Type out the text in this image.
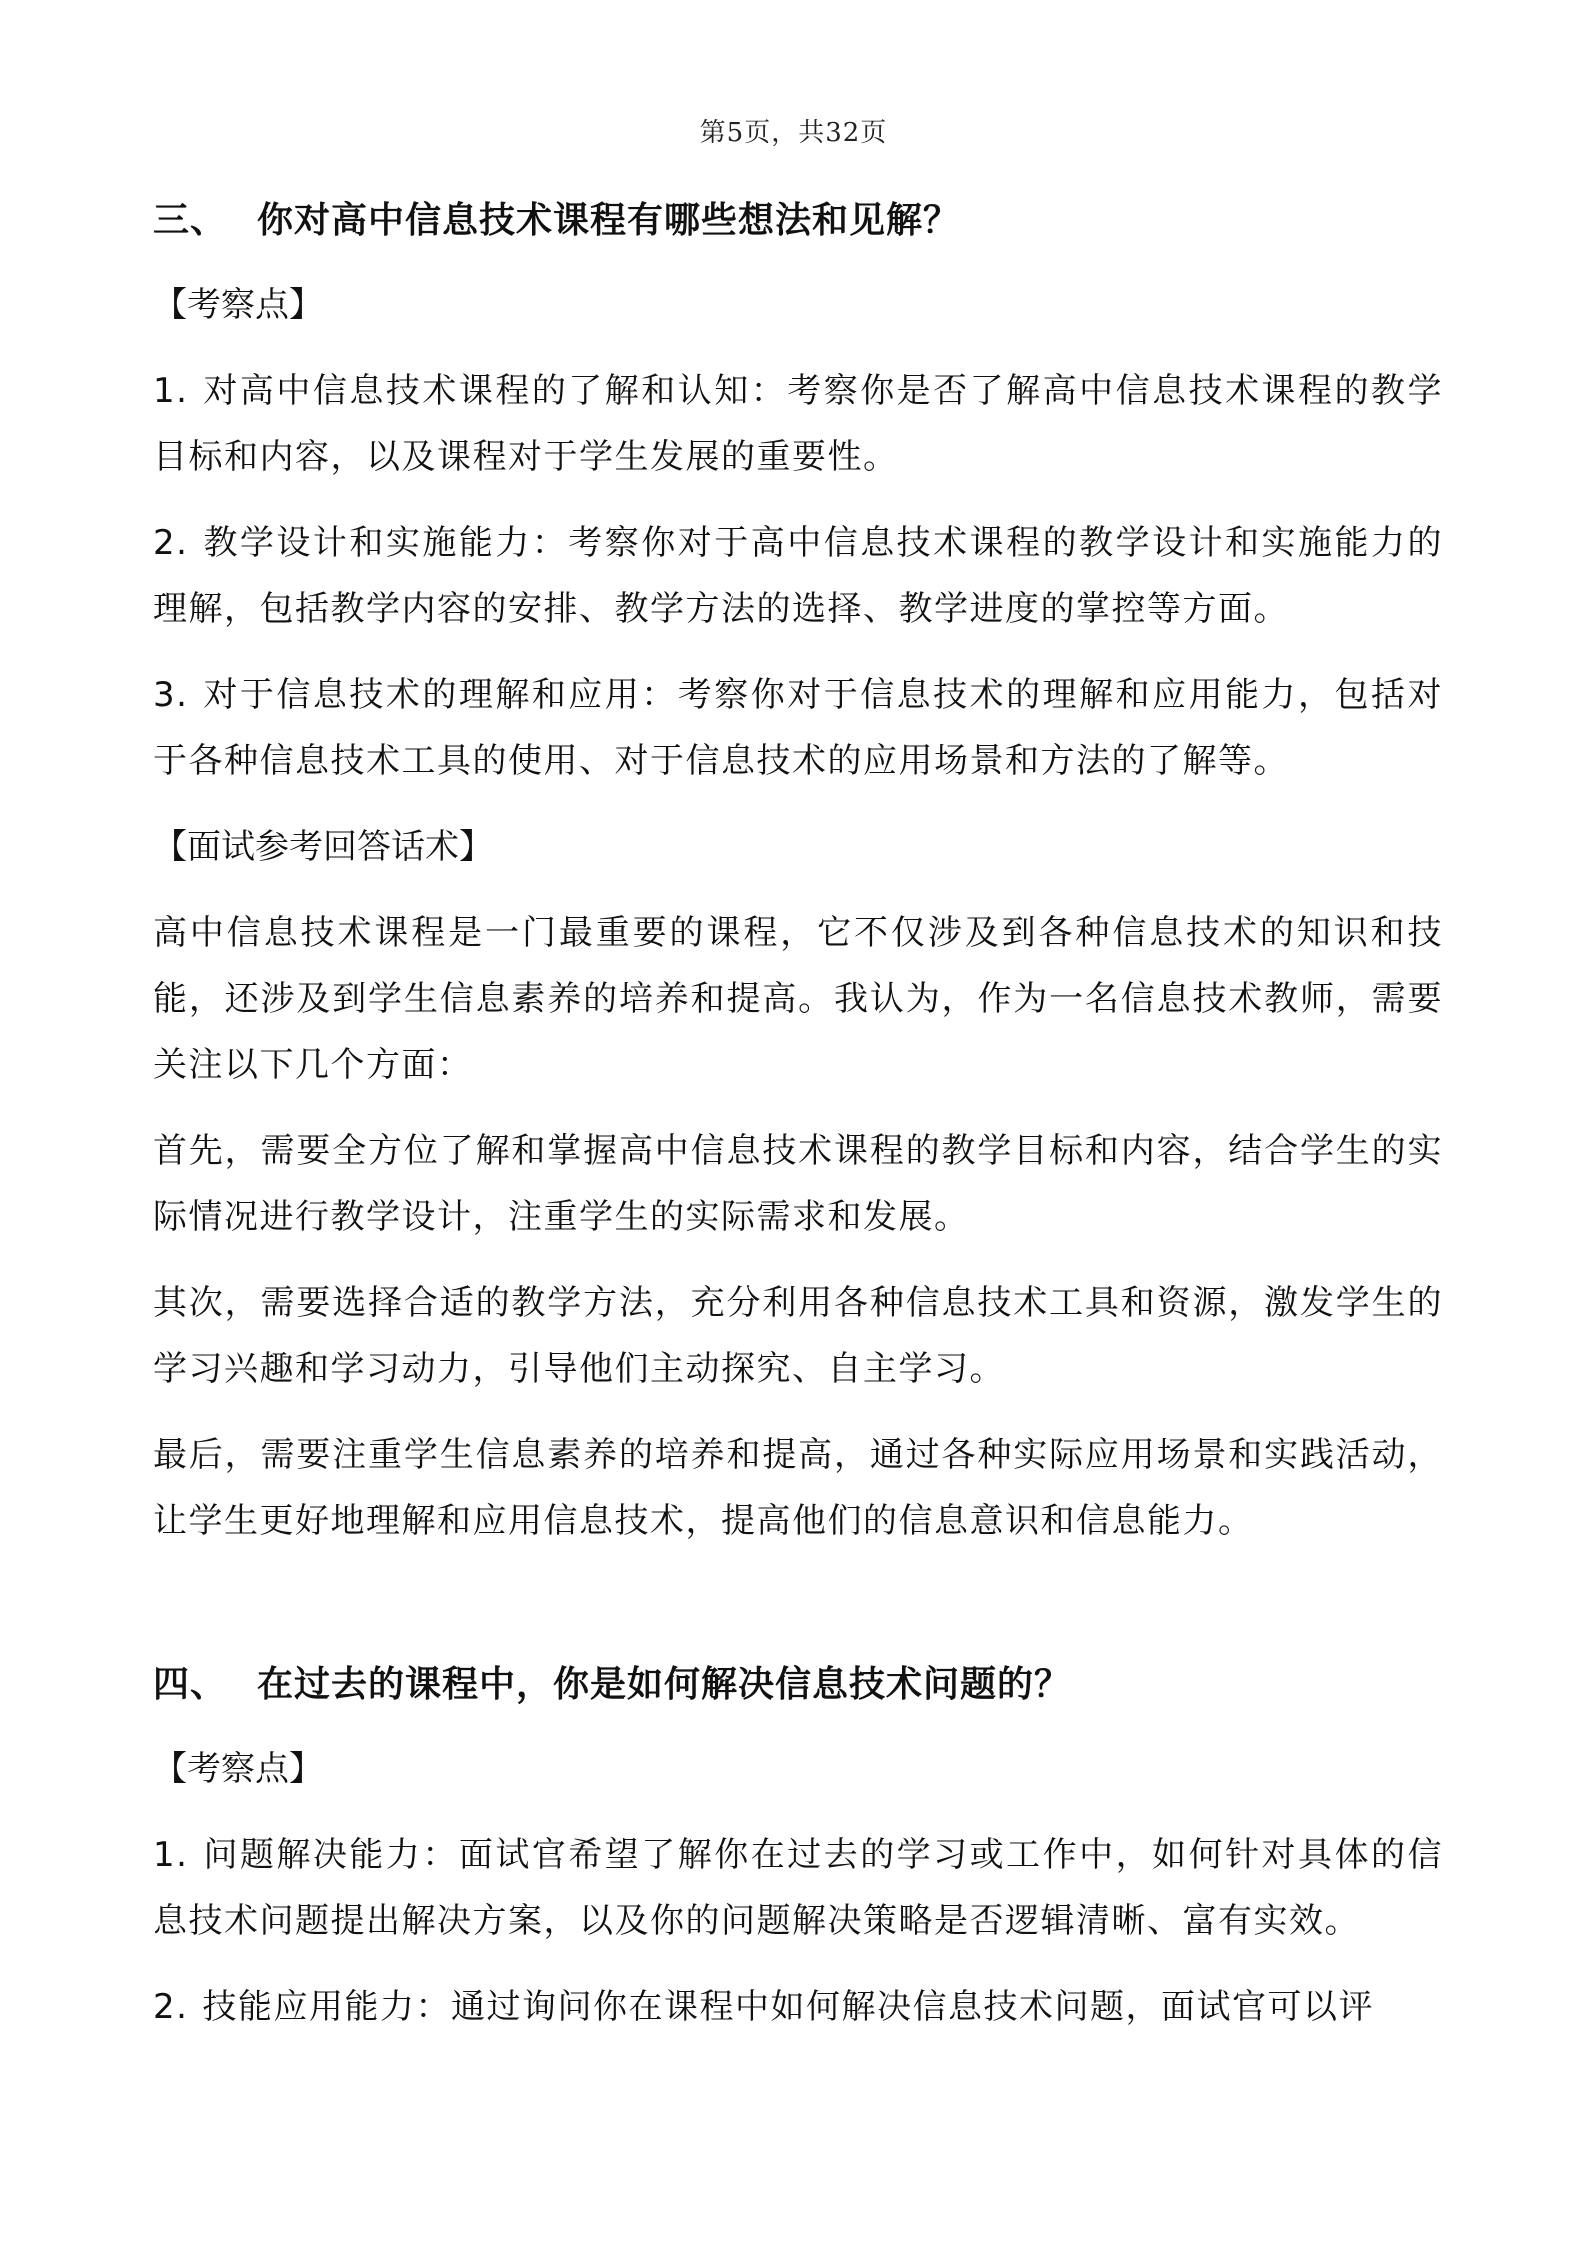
第5页，共32页
三、 你对高中信息技术课程有哪些想法和见解？
【考察点】
1. 对高中信息技术课程的了解和认知：考察你是否了解高中信息技术课程的教学目标和内容，以及课程对于学生发展的重要性。
2. 教学设计和实施能力：考察你对于高中信息技术课程的教学设计和实施能力的理解，包括教学内容的安排、教学方法的选择、教学进度的掌控等方面。
3. 对于信息技术的理解和应用：考察你对于信息技术的理解和应用能力，包括对于各种信息技术工具的使用、对于信息技术的应用场景和方法的了解等。
【面试参考回答话术】
高中信息技术课程是一门最重要的课程，它不仅涉及到各种信息技术的知识和技能，还涉及到学生信息素养的培养和提高。我认为，作为一名信息技术教师，需要关注以下几个方面：
首先，需要全方位了解和掌握高中信息技术课程的教学目标和内容，结合学生的实际情况进行教学设计，注重学生的实际需求和发展。
其次，需要选择合适的教学方法，充分利用各种信息技术工具和资源，激发学生的学习兴趣和学习动力，引导他们主动探究、自主学习。
最后，需要注重学生信息素养的培养和提高，通过各种实际应用场景和实践活动，让学生更好地理解和应用信息技术，提高他们的信息意识和信息能力。
四、 在过去的课程中，你是如何解决信息技术问题的？
【考察点】
1. 问题解决能力：面试官希望了解你在过去的学习或工作中，如何针对具体的信息技术问题提出解决方案，以及你的问题解决策略是否逻辑清晰、富有实效。
2. 技能应用能力：通过询问你在课程中如何解决信息技术问题，面试官可以评
